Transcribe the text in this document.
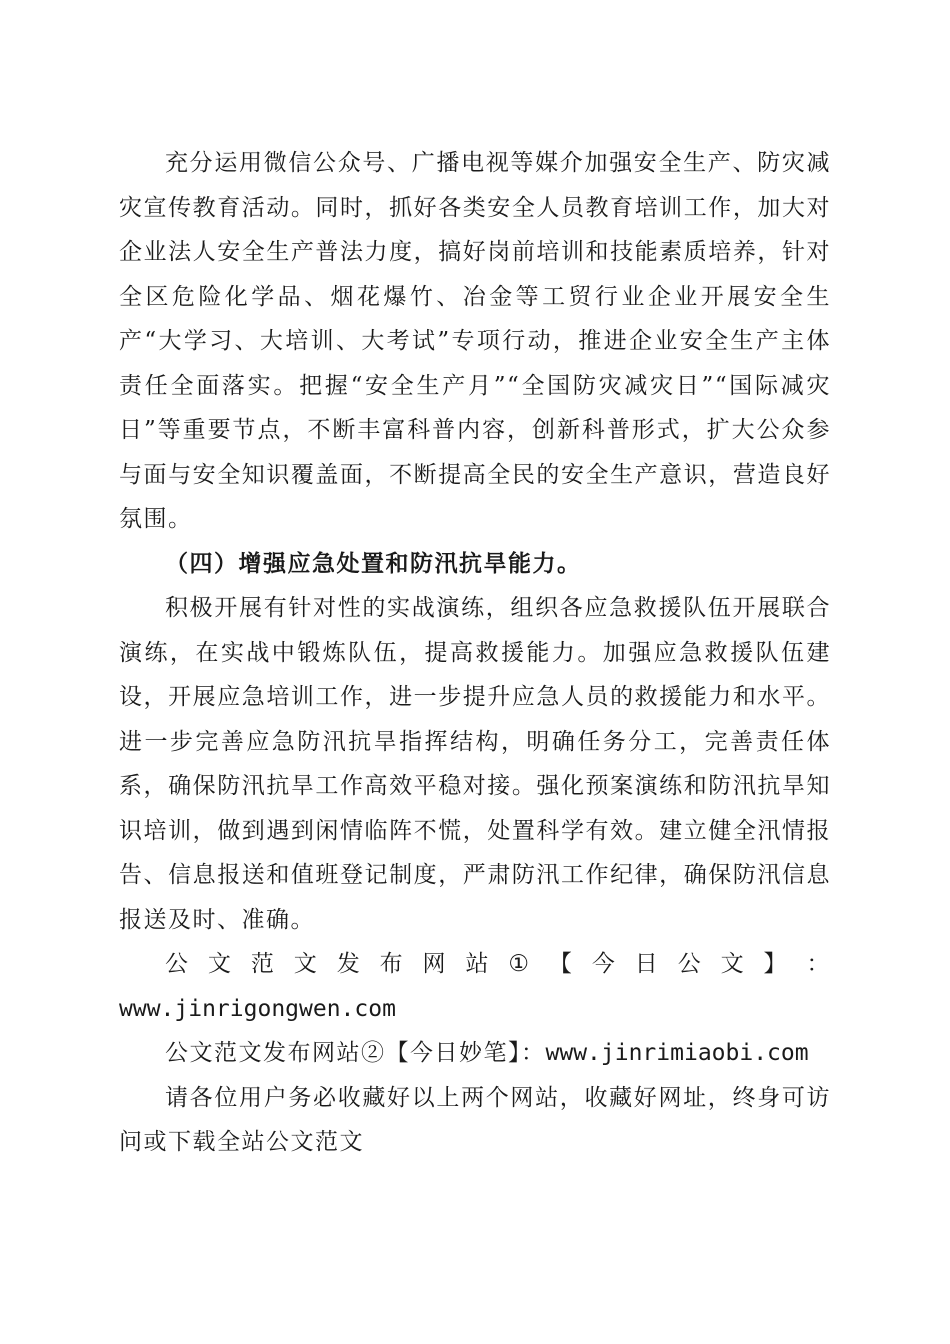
充分运用微信公众号、广播电视等媒介加强安全生产、防灾减灾宣传教育活动。同时，抓好各类安全人员教育培训工作，加大对企业法人安全生产普法力度，搞好岗前培训和技能素质培养，针对全区危险化学品、烟花爆竹、冶金等工贸行业企业开展安全生产“大学习、大培训、大考试”专项行动，推进企业安全生产主体责任全面落实。把握“安全生产月”“全国防灾减灾日”“国际减灾日”等重要节点，不断丰富科普内容，创新科普形式，扩大公众参与面与安全知识覆盖面，不断提高全民的安全生产意识，营造良好氛围。

（四）增强应急处置和防汛抗旱能力。

积极开展有针对性的实战演练，组织各应急救援队伍开展联合演练，在实战中锻炼队伍，提高救援能力。加强应急救援队伍建设，开展应急培训工作，进一步提升应急人员的救援能力和水平。进一步完善应急防汛抗旱指挥结构，明确任务分工，完善责任体系，确保防汛抗旱工作高效平稳对接。强化预案演练和防汛抗旱知识培训，做到遇到闲情临阵不慌，处置科学有效。建立健全汛情报告、信息报送和值班登记制度，严肃防汛工作纪律，确保防汛信息报送及时、准确。

公 文 范 文 发 布 网 站 ① 【 今 日 公 文 】 ：

www.jinrigongwen.com

公文范文发布网站②【今日妙笔】：www.jinrimiaobi.com

请各位用户务必收藏好以上两个网站，收藏好网址，终身可访问或下载全站公文范文
